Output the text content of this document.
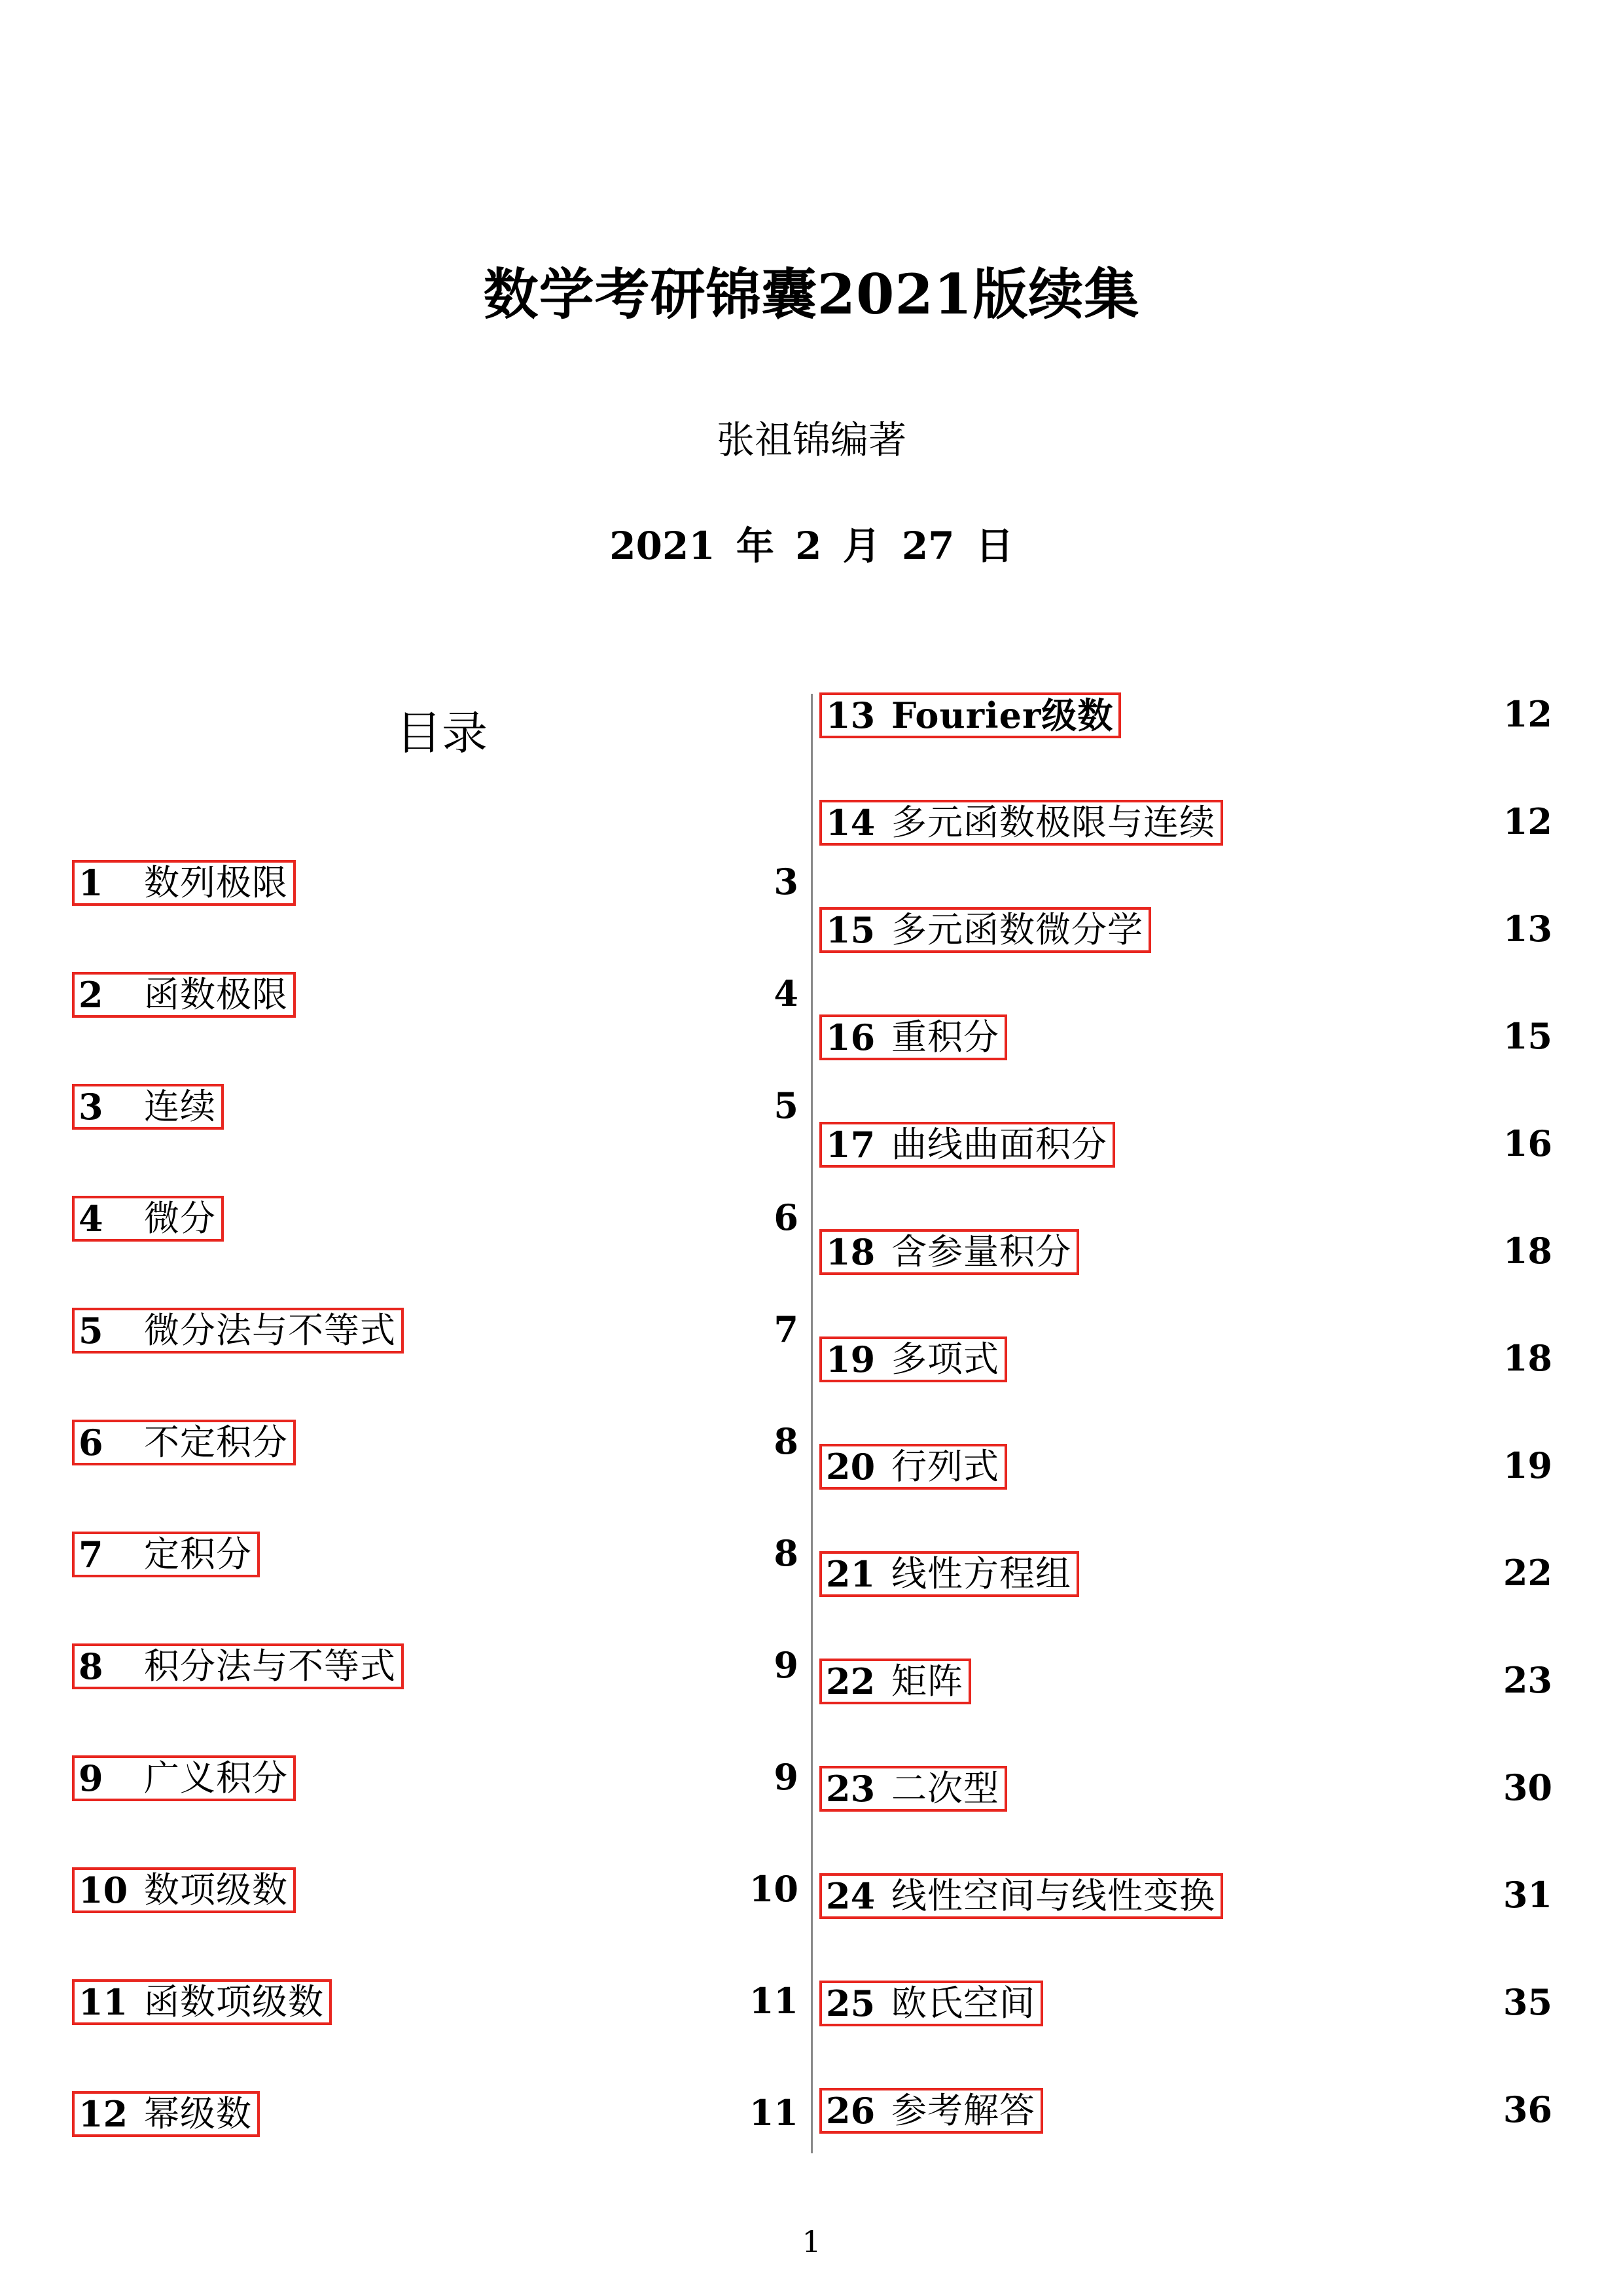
数学考研锦囊2021版续集
张祖锦编著
2021 年 2 月 27 日
目录
1	数列极限	3
2	函数极限	4
3	连续	5
4	微分	6
5	微分法与不等式	7
6	不定积分	8
7	定积分	8
8	积分法与不等式	9
9	广义积分	9
10 数项级数	10
11 函数项级数	11
12 幂级数	11
13 Fourier级数	12
14 多元函数极限与连续	12
15 多元函数微分学	13
16 重积分	15
17 曲线曲面积分	16
18 含参量积分	18
19 多项式	18
20 行列式	19
21 线性方程组	22
22 矩阵	23
23 二次型	30
24 线性空间与线性变换	31
25 欧氏空间	35
26 参考解答	36
1
